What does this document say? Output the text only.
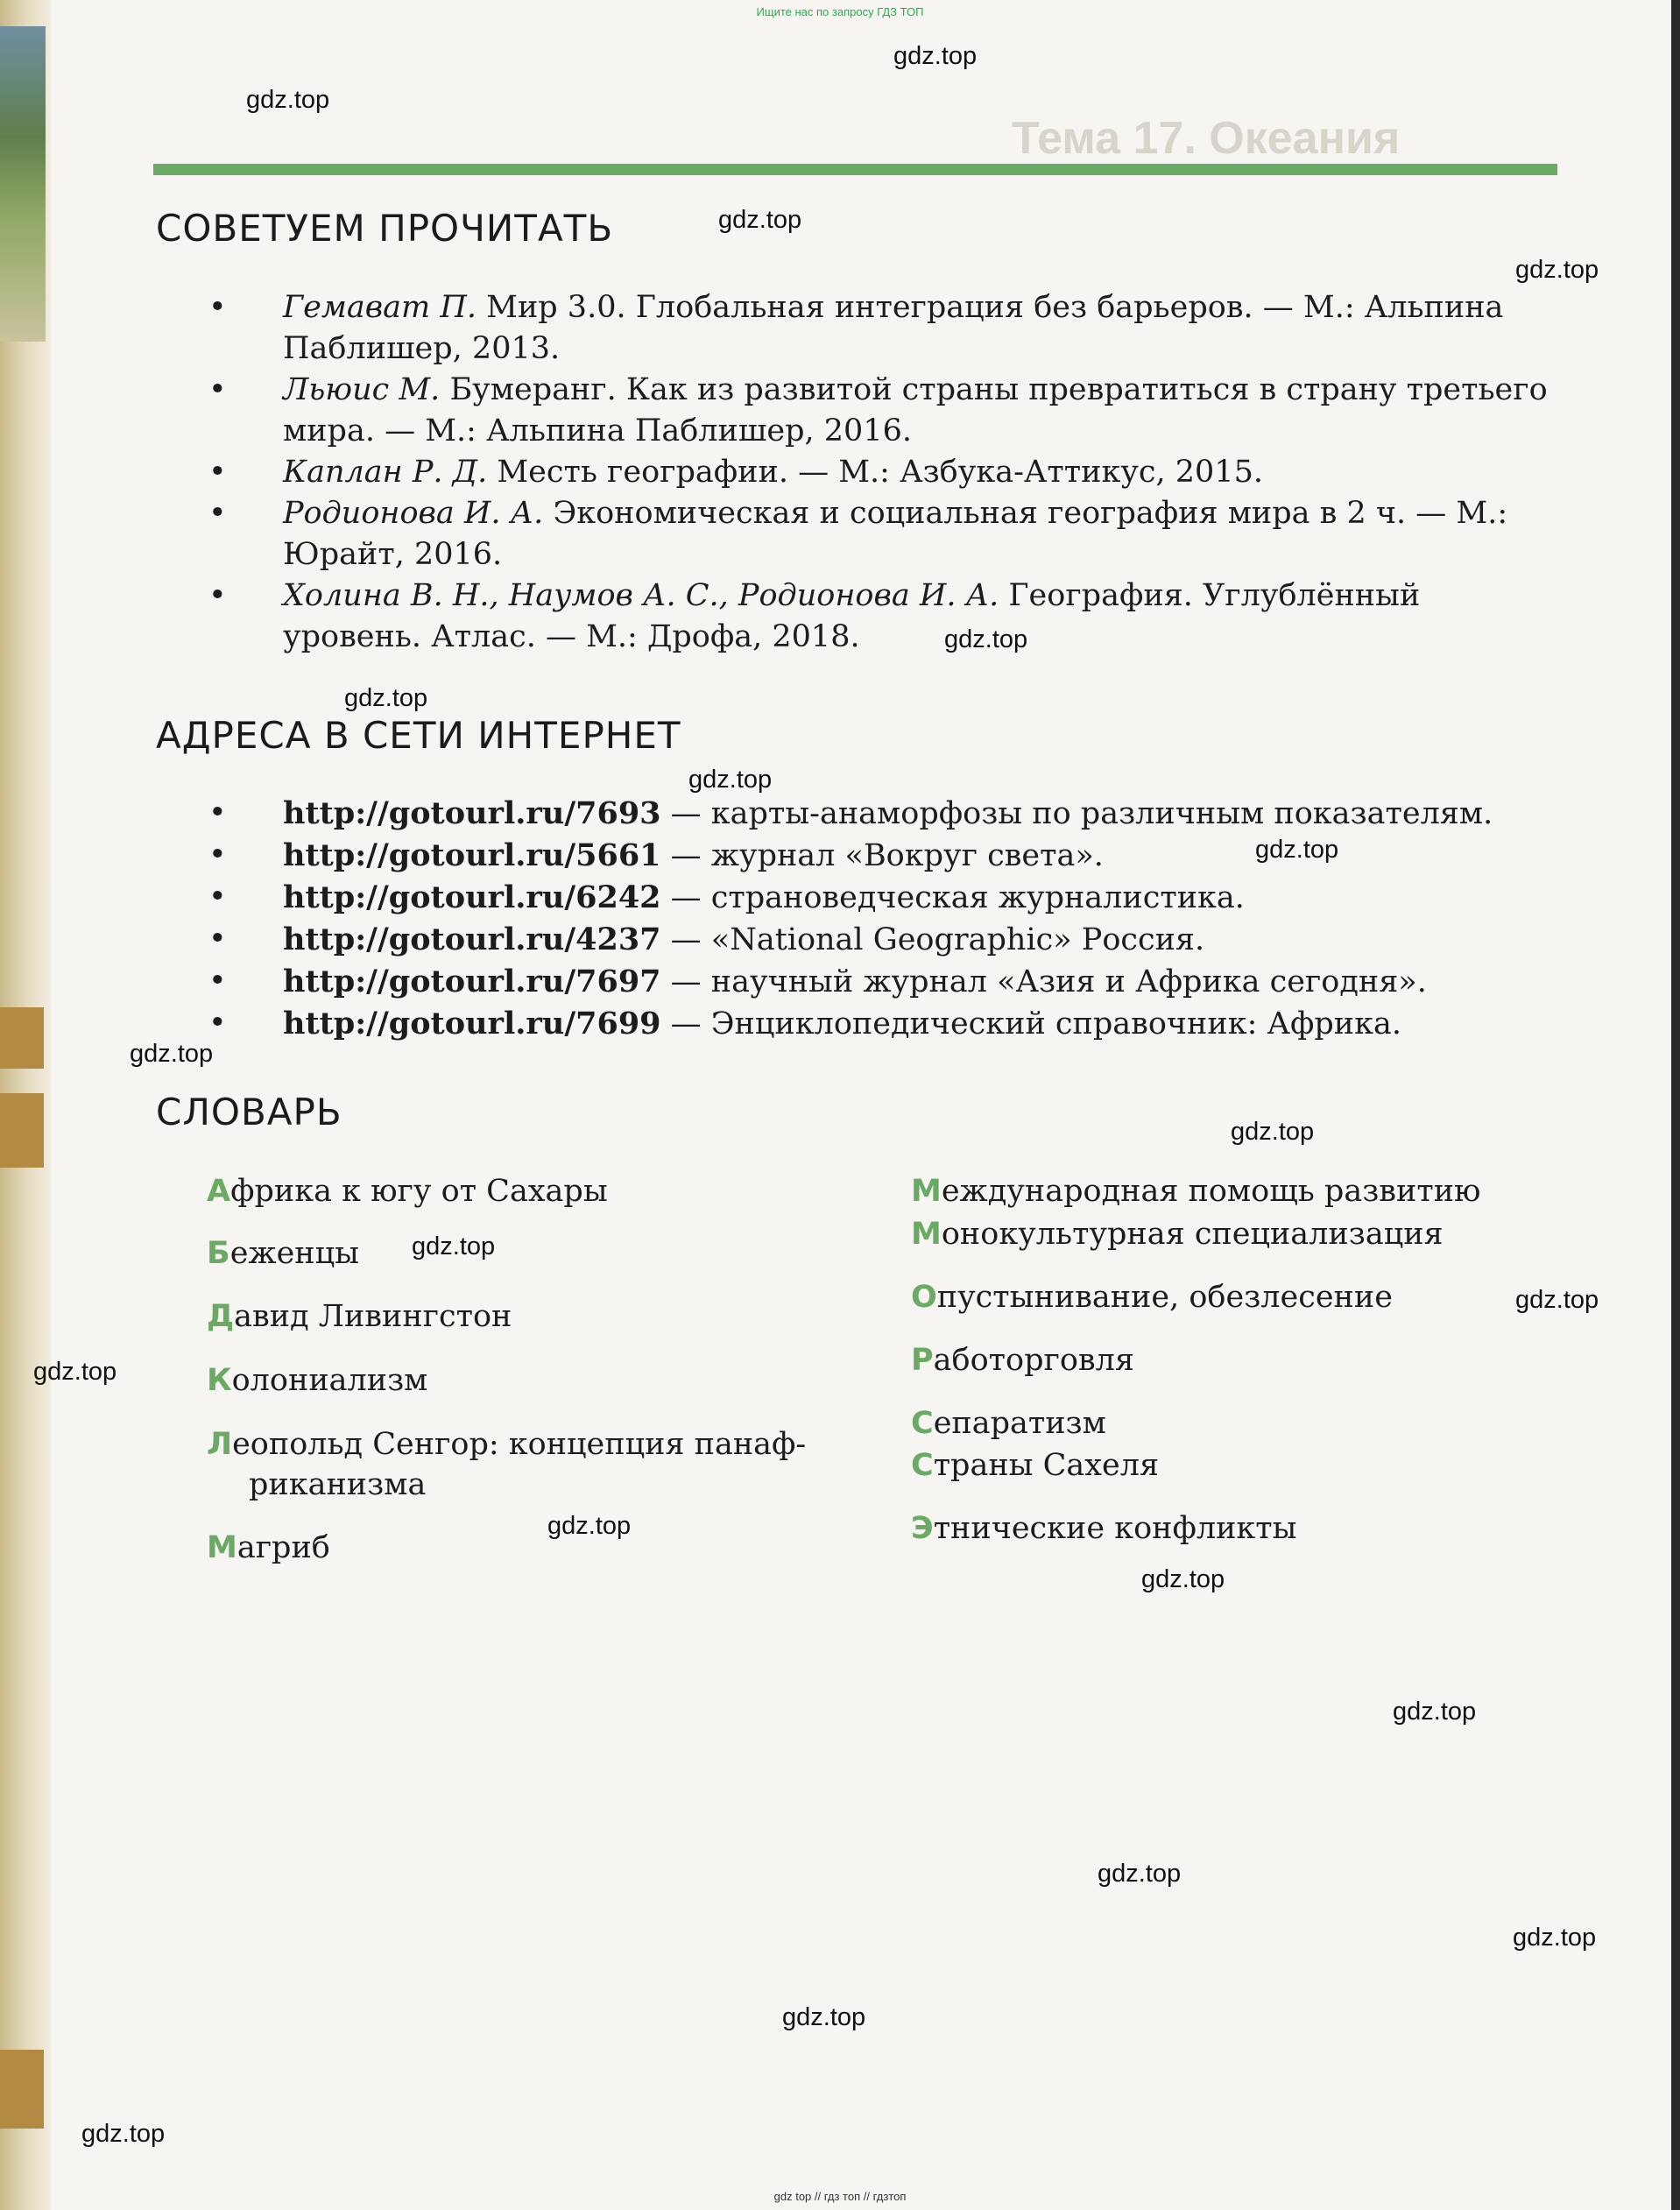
Ищите нас по запросу ГДЗ ТОП
Тема 17. Океания
СОВЕТУЕМ ПРОЧИТАТЬ
• Гемават П. Мир 3.0. Глобальная интеграция без барьеров. — М.: Альпина Паблишер, 2013.
• Льюис М. Бумеранг. Как из развитой страны превратиться в страну третьего мира. — М.: Альпина Паблишер, 2016.
• Каплан Р. Д. Месть географии. — М.: Азбука-Аттикус, 2015.
• Родионова И. А. Экономическая и социальная география мира в 2 ч. — М.: Юрайт, 2016.
• Холина В. Н., Наумов А. С., Родионова И. А. География. Углублённый уровень. Атлас. — М.: Дрофа, 2018.
АДРЕСА В СЕТИ ИНТЕРНЕТ
• http://gotourl.ru/7693 — карты-анаморфозы по различным показателям.
• http://gotourl.ru/5661 — журнал «Вокруг света».
• http://gotourl.ru/6242 — страноведческая журналистика.
• http://gotourl.ru/4237 — «National Geographic» Россия.
• http://gotourl.ru/7697 — научный журнал «Азия и Африка сегодня».
• http://gotourl.ru/7699 — Энциклопедический справочник: Африка.
СЛОВАРЬ
Африка к югу от Сахары
Беженцы
Давид Ливингстон
Колониализм
Леопольд Сенгор: концепция панаф-
риканизма
Магриб
Международная помощь развитию
Монокультурная специализация
Опустынивание, обезлесение
Работорговля
Сепаратизм
Страны Сахеля
Этнические конфликты
gdz.top
gdz.top
gdz.top
gdz.top
gdz.top
gdz.top
gdz.top
gdz.top
gdz.top
gdz.top
gdz.top
gdz.top
gdz.top
gdz.top
gdz.top
gdz.top
gdz.top
gdz.top
gdz.top
gdz.top
gdz top // гдз топ // гдзтоп
